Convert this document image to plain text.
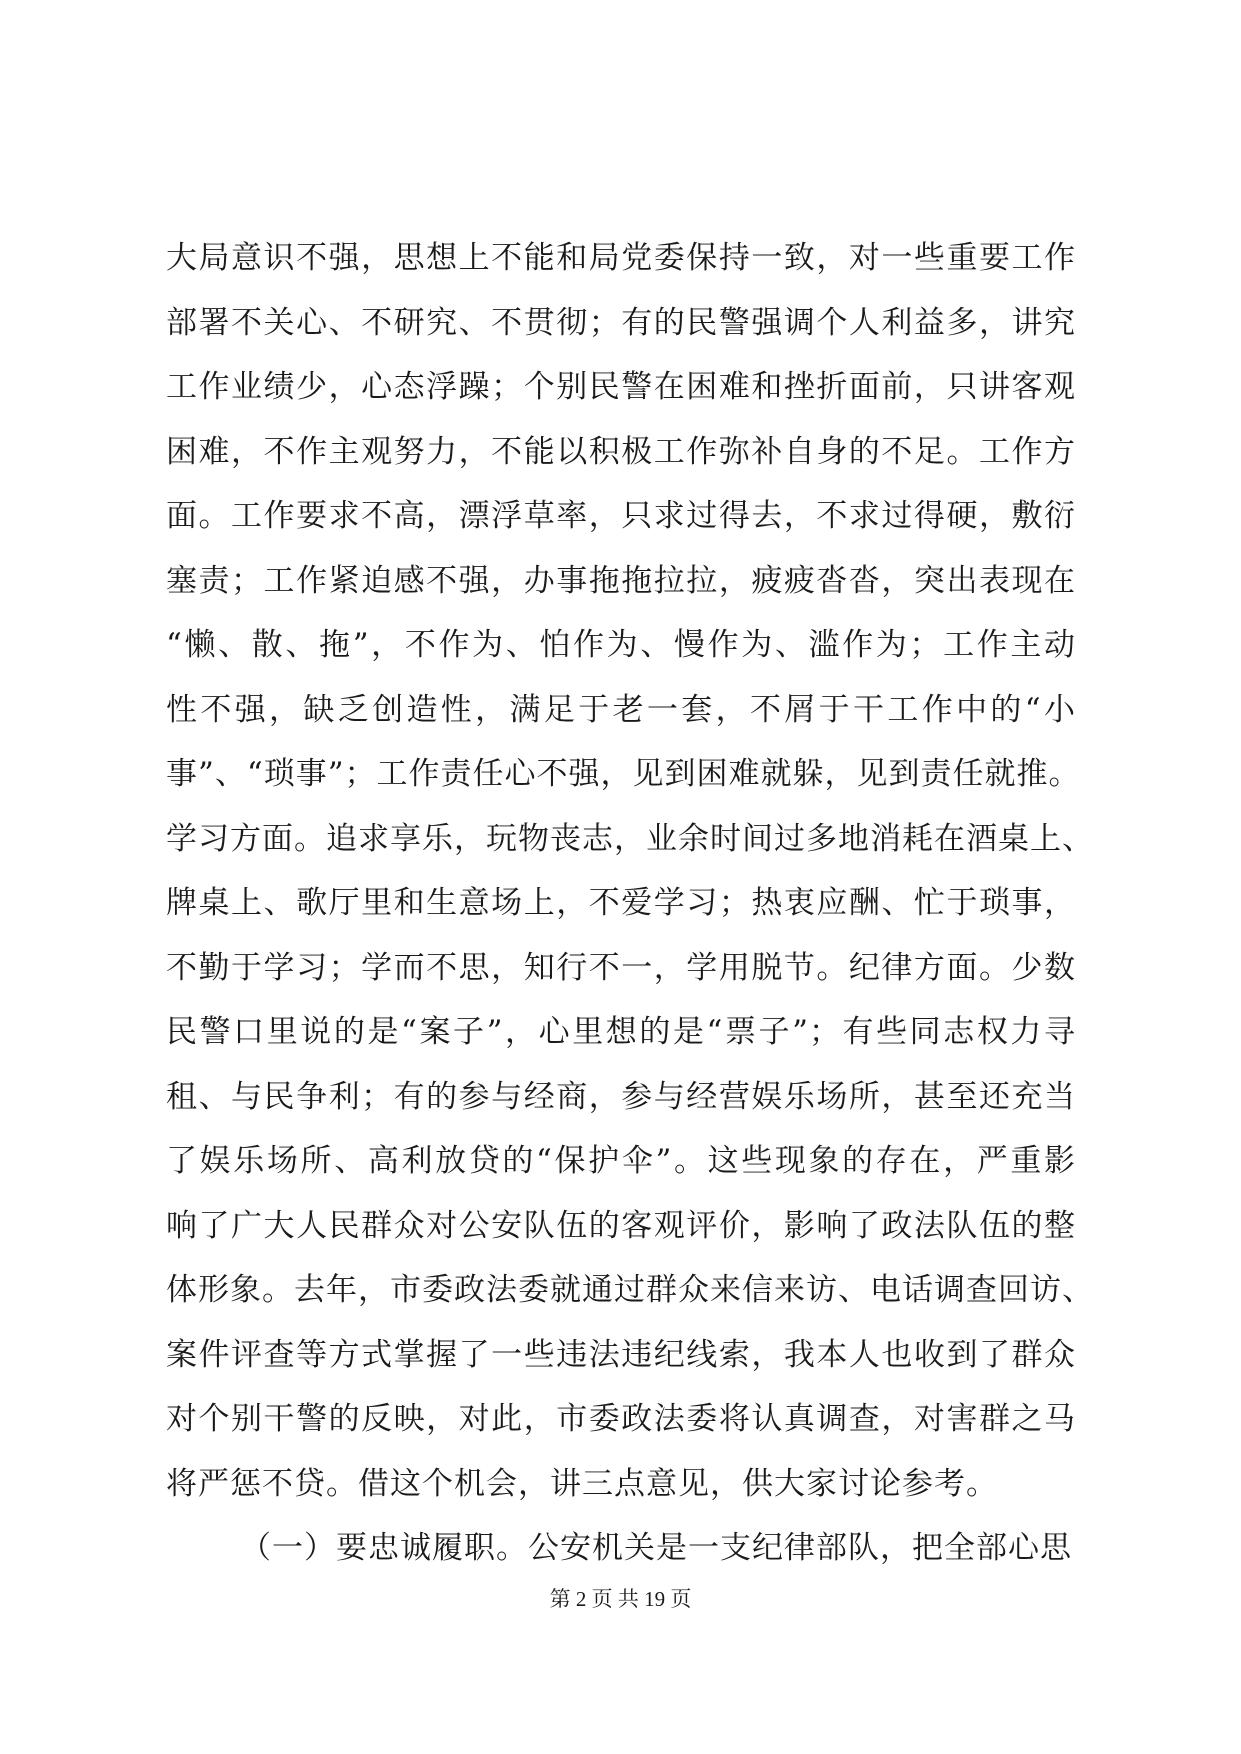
大局意识不强，思想上不能和局党委保持一致，对一些重要工作
部署不关心、不研究、不贯彻；有的民警强调个人利益多，讲究
工作业绩少，心态浮躁；个别民警在困难和挫折面前，只讲客观
困难，不作主观努力，不能以积极工作弥补自身的不足。工作方
面。工作要求不高，漂浮草率，只求过得去，不求过得硬，敷衍
塞责；工作紧迫感不强，办事拖拖拉拉，疲疲沓沓，突出表现在
“懒、散、拖”，不作为、怕作为、慢作为、滥作为；工作主动
性不强，缺乏创造性，满足于老一套，不屑于干工作中的“小
事”、“琐事”；工作责任心不强，见到困难就躲，见到责任就推。
学习方面。追求享乐，玩物丧志，业余时间过多地消耗在酒桌上、
牌桌上、歌厅里和生意场上，不爱学习；热衷应酬、忙于琐事，
不勤于学习；学而不思，知行不一，学用脱节。纪律方面。少数
民警口里说的是“案子”，心里想的是“票子”；有些同志权力寻
租、与民争利；有的参与经商，参与经营娱乐场所，甚至还充当
了娱乐场所、高利放贷的“保护伞”。这些现象的存在，严重影
响了广大人民群众对公安队伍的客观评价，影响了政法队伍的整
体形象。去年，市委政法委就通过群众来信来访、电话调查回访、
案件评查等方式掌握了一些违法违纪线索，我本人也收到了群众
对个别干警的反映，对此，市委政法委将认真调查，对害群之马
将严惩不贷。借这个机会，讲三点意见，供大家讨论参考。
（一）要忠诚履职。公安机关是一支纪律部队，把全部心思
第 2 页 共 19 页
